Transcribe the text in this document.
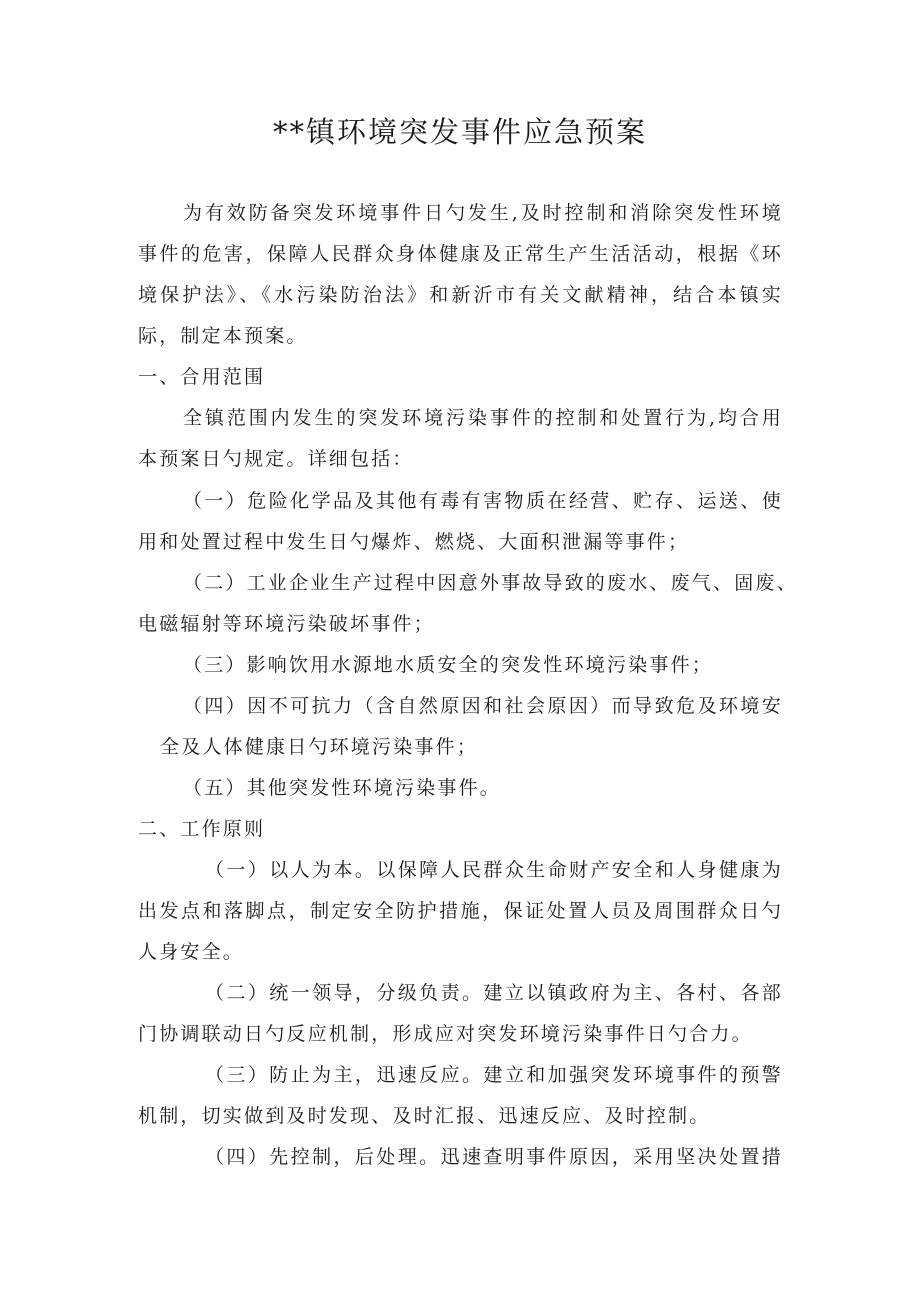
**镇环境突发事件应急预案
为有效防备突发环境事件日勺发生,及时控制和消除突发性环境
事件的危害，保障人民群众身体健康及正常生产生活活动，根据《环
境保护法》、《水污染防治法》和新沂市有关文献精神，结合本镇实
际，制定本预案。
一、合用范围
全镇范围内发生的突发环境污染事件的控制和处置行为,均合用
本预案日勺规定。详细包括：
（一）危险化学品及其他有毒有害物质在经营、贮存、运送、使
用和处置过程中发生日勺爆炸、燃烧、大面积泄漏等事件；
（二）工业企业生产过程中因意外事故导致的废水、废气、固废、
电磁辐射等环境污染破坏事件；
（三）影响饮用水源地水质安全的突发性环境污染事件；
（四）因不可抗力（含自然原因和社会原因）而导致危及环境安
全及人体健康日勺环境污染事件；
（五）其他突发性环境污染事件。
二、工作原则
（一）以人为本。以保障人民群众生命财产安全和人身健康为
出发点和落脚点，制定安全防护措施，保证处置人员及周围群众日勺
人身安全。
（二）统一领导，分级负责。建立以镇政府为主、各村、各部
门协调联动日勺反应机制，形成应对突发环境污染事件日勺合力。
（三）防止为主，迅速反应。建立和加强突发环境事件的预警
机制，切实做到及时发现、及时汇报、迅速反应、及时控制。
（四）先控制，后处理。迅速查明事件原因，采用坚决处置措
